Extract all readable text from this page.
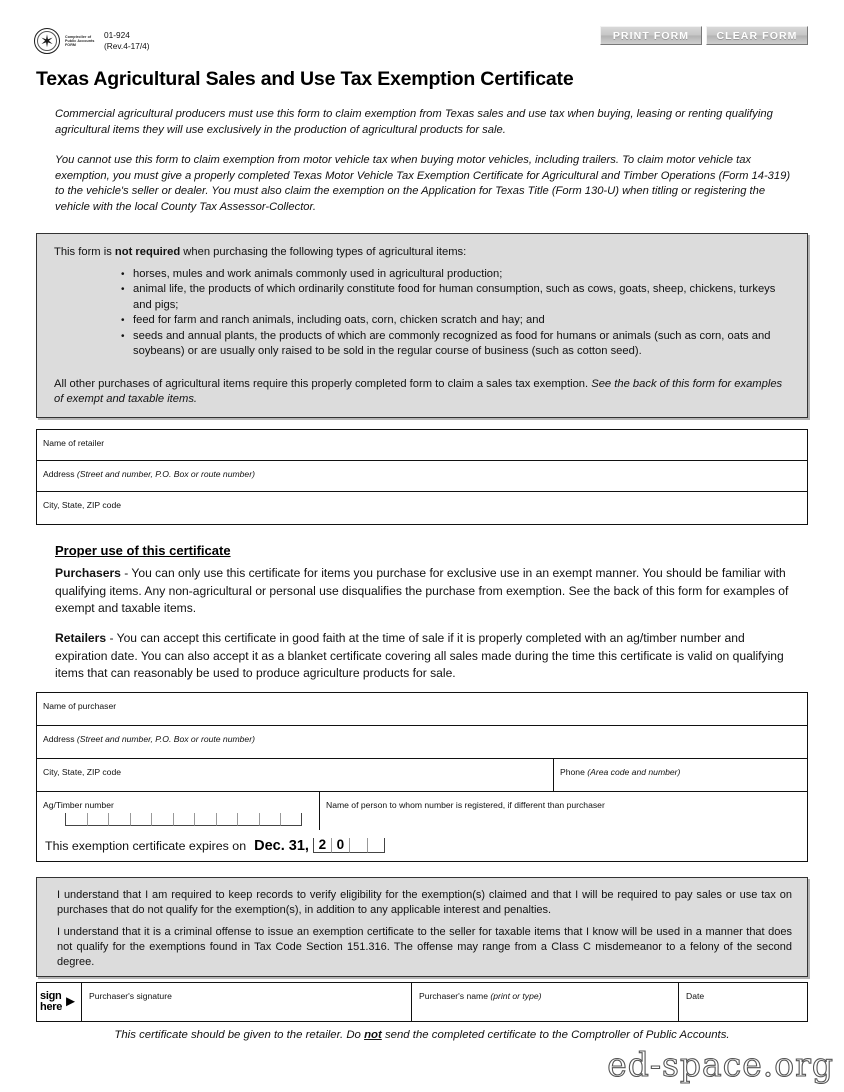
✶	Comptroller of Public Accounts FORM
01-924
(Rev.4-17/4)
PRINT FORM	CLEAR FORM
Texas Agricultural Sales and Use Tax Exemption Certificate
Commercial agricultural producers must use this form to claim exemption from Texas sales and use tax when buying, leasing or renting qualifying agricultural items they will use exclusively in the production of agricultural products for sale.
You cannot use this form to claim exemption from motor vehicle tax when buying motor vehicles, including trailers. To claim motor vehicle tax exemption, you must give a properly completed Texas Motor Vehicle Tax Exemption Certificate for Agricultural and Timber Operations (Form 14-319) to the vehicle's seller or dealer. You must also claim the exemption on the Application for Texas Title (Form 130-U) when titling or registering the vehicle with the local County Tax Assessor-Collector.
This form is not required when purchasing the following types of agricultural items:
• horses, mules and work animals commonly used in agricultural production;
• animal life, the products of which ordinarily constitute food for human consumption, such as cows, goats, sheep, chickens, turkeys and pigs;
• feed for farm and ranch animals, including oats, corn, chicken scratch and hay; and
• seeds and annual plants, the products of which are commonly recognized as food for humans or animals (such as corn, oats and soybeans) or are usually only raised to be sold in the regular course of business (such as cotton seed).
All other purchases of agricultural items require this properly completed form to claim a sales tax exemption. See the back of this form for examples of exempt and taxable items.
Name of retailer
Address (Street and number, P.O. Box or route number)
City, State, ZIP code
Proper use of this certificate
Purchasers - You can only use this certificate for items you purchase for exclusive use in an exempt manner. You should be familiar with qualifying items. Any non-agricultural or personal use disqualifies the purchase from exemption. See the back of this form for examples of exempt and taxable items.
Retailers - You can accept this certificate in good faith at the time of sale if it is properly completed with an ag/timber number and expiration date. You can also accept it as a blanket certificate covering all sales made during the time this certificate is valid on qualifying items that can reasonably be used to produce agriculture products for sale.
Name of purchaser
Address (Street and number, P.O. Box or route number)
City, State, ZIP code	Phone (Area code and number)
Ag/Timber number	Name of person to whom number is registered, if different than purchaser
This exemption certificate expires on Dec. 31, 2 0
I understand that I am required to keep records to verify eligibility for the exemption(s) claimed and that I will be required to pay sales or use tax on purchases that do not qualify for the exemption(s), in addition to any applicable interest and penalties.
I understand that it is a criminal offense to issue an exemption certificate to the seller for taxable items that I know will be used in a manner that does not qualify for the exemptions found in Tax Code Section 151.316. The offense may range from a Class C misdemeanor to a felony of the second degree.
sign
here ►	Purchaser's signature	Purchaser's name (print or type)	Date
This certificate should be given to the retailer. Do not send the completed certificate to the Comptroller of Public Accounts.
ed-space.org
